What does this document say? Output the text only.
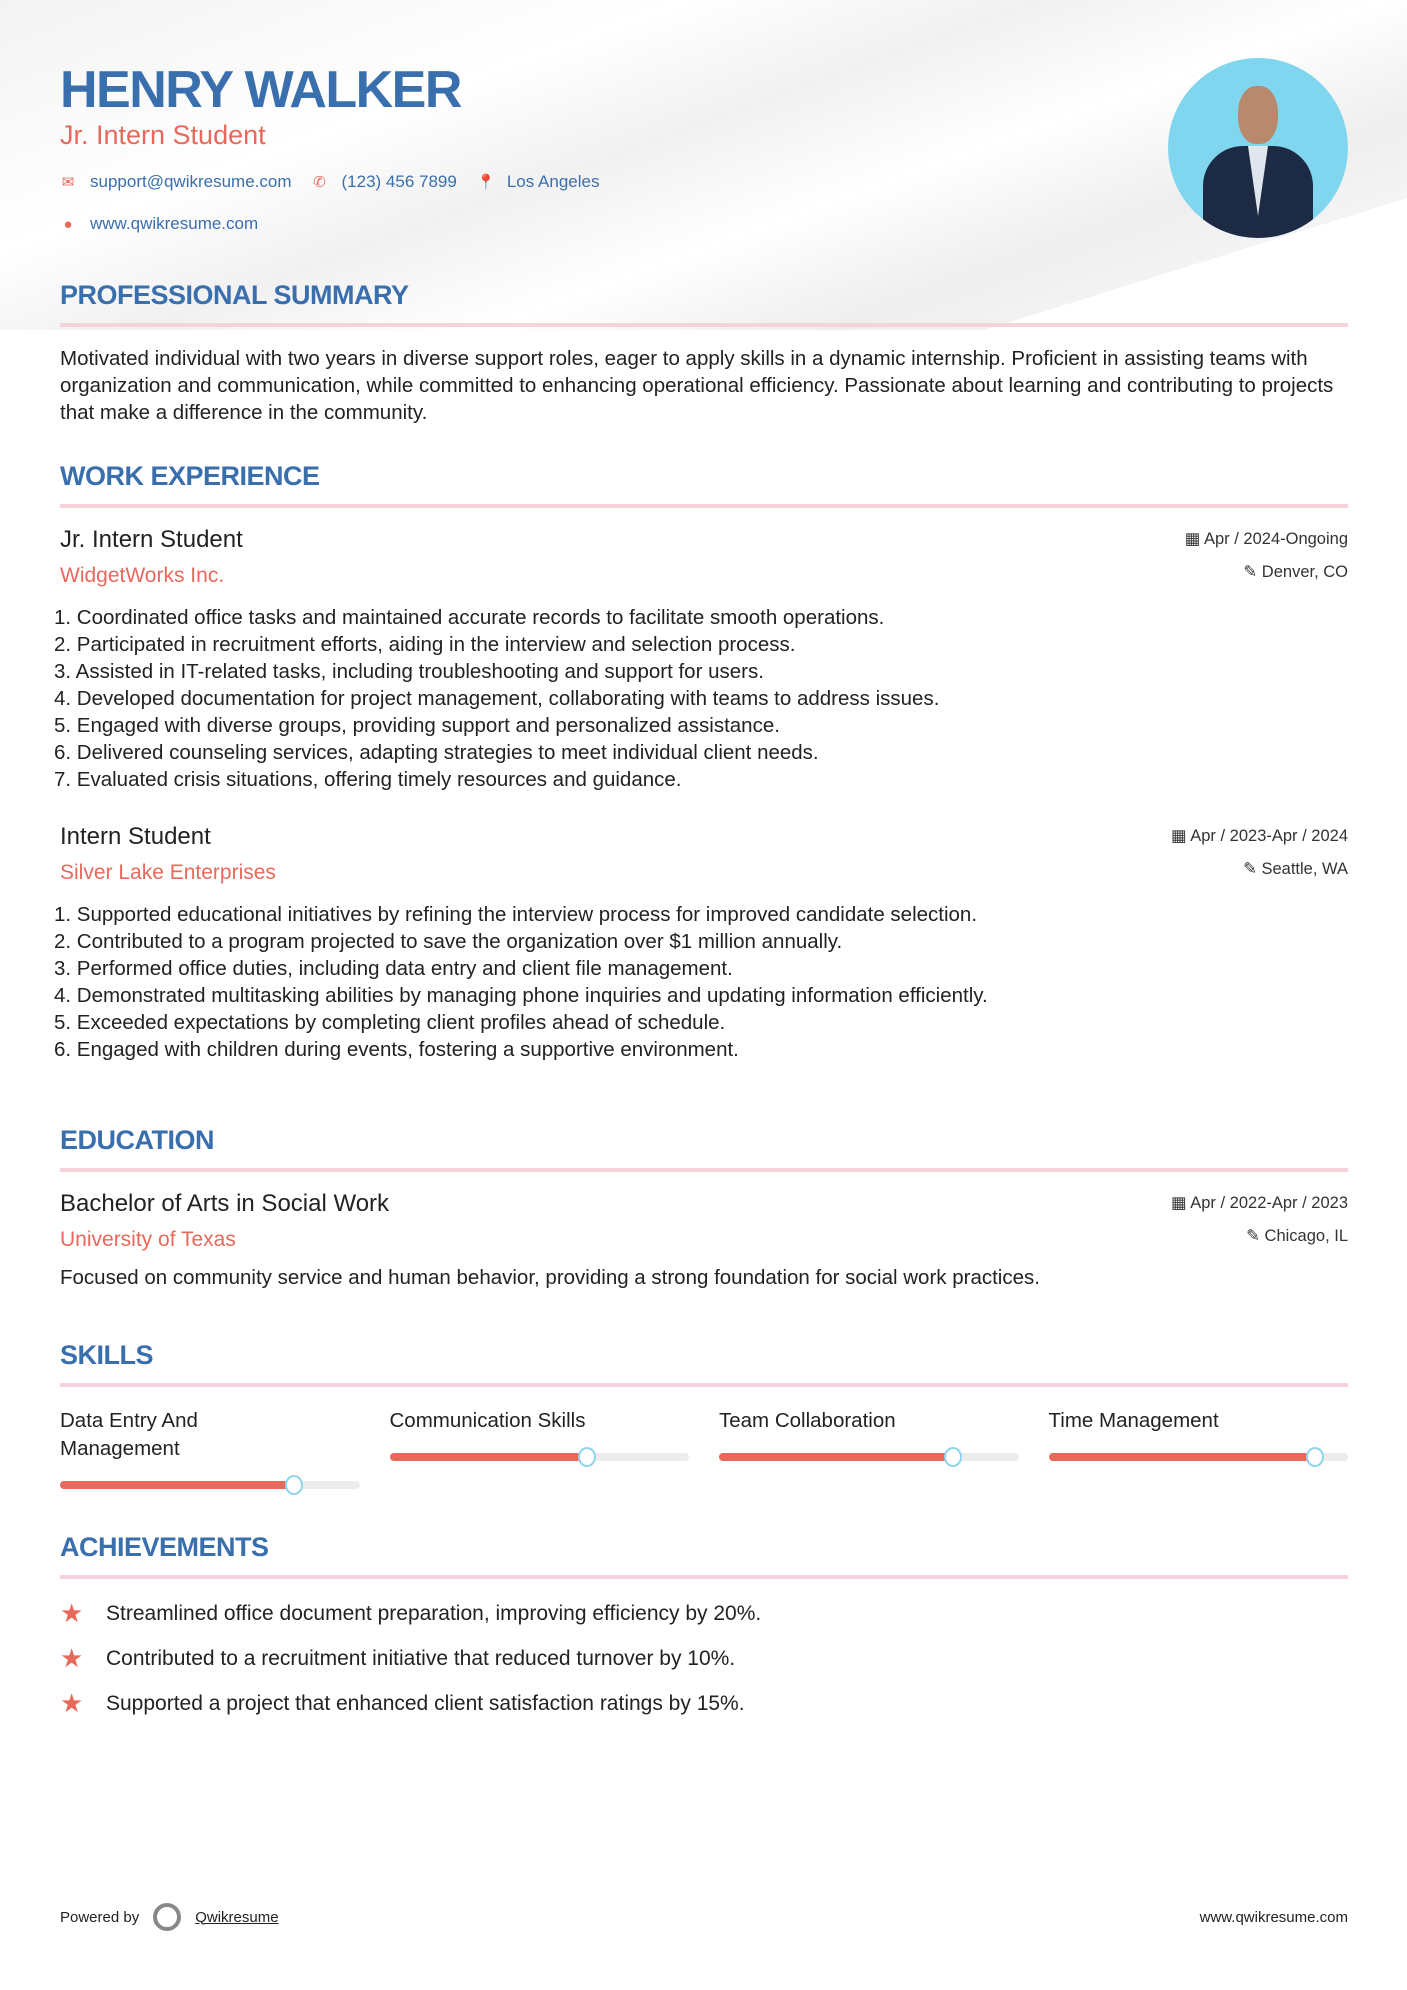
HENRY WALKER
Jr. Intern Student
✉ support@qwikresume.com ✆ (123) 456 7899 📍 Los Angeles
● www.qwikresume.com
PROFESSIONAL SUMMARY

Motivated individual with two years in diverse support roles, eager to apply skills in a dynamic internship. Proficient in assisting teams with organization and communication, while committed to enhancing operational efficiency. Passionate about learning and contributing to projects that make a difference in the community.

WORK EXPERIENCE
Jr. Intern Student
WidgetWorks Inc.
▦ Apr / 2024-Ongoing
✎ Denver, CO
1. Coordinated office tasks and maintained accurate records to facilitate smooth operations.
2. Participated in recruitment efforts, aiding in the interview and selection process.
3. Assisted in IT-related tasks, including troubleshooting and support for users.
4. Developed documentation for project management, collaborating with teams to address issues.
5. Engaged with diverse groups, providing support and personalized assistance.
6. Delivered counseling services, adapting strategies to meet individual client needs.
7. Evaluated crisis situations, offering timely resources and guidance.
Intern Student
Silver Lake Enterprises
▦ Apr / 2023-Apr / 2024
✎ Seattle, WA
1. Supported educational initiatives by refining the interview process for improved candidate selection.
2. Contributed to a program projected to save the organization over $1 million annually.
3. Performed office duties, including data entry and client file management.
4. Demonstrated multitasking abilities by managing phone inquiries and updating information efficiently.
5. Exceeded expectations by completing client profiles ahead of schedule.
6. Engaged with children during events, fostering a supportive environment.
EDUCATION
Bachelor of Arts in Social Work
University of Texas
▦ Apr / 2022-Apr / 2023
✎ Chicago, IL

Focused on community service and human behavior, providing a strong foundation for social work practices.

SKILLS
Data Entry And Management
Communication Skills	Team Collaboration	Time Management
ACHIEVEMENTS
★	Streamlined office document preparation, improving efficiency by 20%.
★	Contributed to a recruitment initiative that reduced turnover by 10%.
★	Supported a project that enhanced client satisfaction ratings by 15%.
Powered by	Qwikresume	www.qwikresume.com
